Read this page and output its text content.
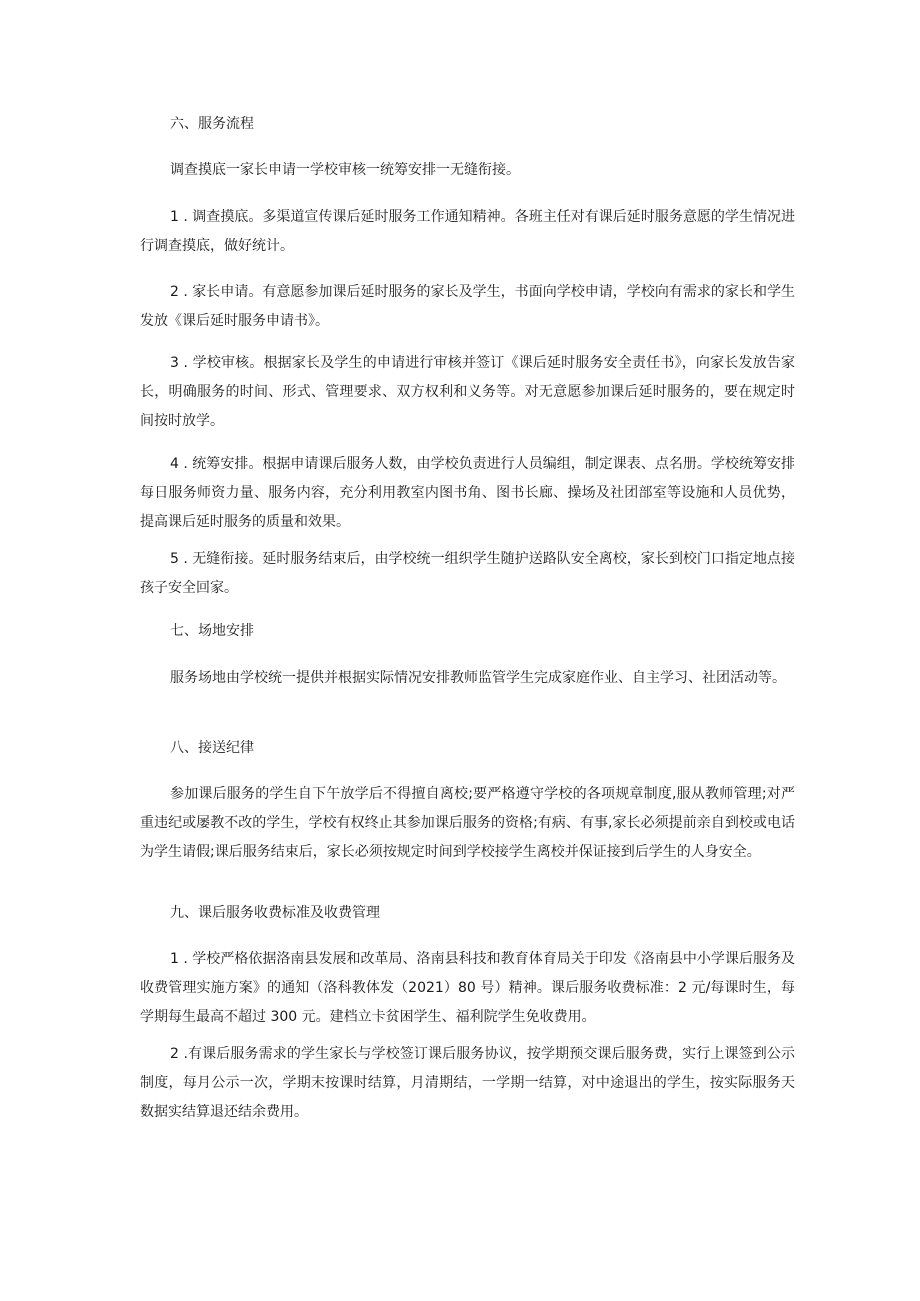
六、服务流程

调查摸底一家长申请一学校审核一统筹安排一无缝衔接。

1 . 调查摸底。多渠道宣传课后延时服务工作通知精神。各班主任对有课后延时服务意愿的学生情况进行调查摸底，做好统计。

2 . 家长申请。有意愿参加课后延时服务的家长及学生，书面向学校申请，学校向有需求的家长和学生发放《课后延时服务申请书》。

3 . 学校审核。根据家长及学生的申请进行审核并签订《课后延时服务安全责任书》，向家长发放告家长，明确服务的时间、形式、管理要求、双方权利和义务等。对无意愿参加课后延时服务的，要在规定时间按时放学。

4 . 统筹安排。根据申请课后服务人数，由学校负责进行人员编组，制定课表、点名册。学校统筹安排每日服务师资力量、服务内容，充分利用教室内图书角、图书长廊、操场及社团部室等设施和人员优势，提高课后延时服务的质量和效果。

5 . 无缝衔接。延时服务结束后，由学校统一组织学生随护送路队安全离校，家长到校门口指定地点接孩子安全回家。

七、场地安排

服务场地由学校统一提供并根据实际情况安排教师监管学生完成家庭作业、自主学习、社团活动等。

八、接送纪律

参加课后服务的学生自下午放学后不得擅自离校;要严格遵守学校的各项规章制度,服从教师管理;对严重违纪或屡教不改的学生，学校有权终止其参加课后服务的资格;有病、有事,家长必须提前亲自到校或电话为学生请假;课后服务结束后，家长必须按规定时间到学校接学生离校并保证接到后学生的人身安全。

九、课后服务收费标准及收费管理

1 . 学校严格依据洛南县发展和改革局、洛南县科技和教育体育局关于印发《洛南县中小学课后服务及收费管理实施方案》的通知（洛科教体发（2021）80 号）精神。课后服务收费标准：2 元/每课时生，每学期每生最高不超过 300 元。建档立卡贫困学生、福利院学生免收费用。

2 .有课后服务需求的学生家长与学校签订课后服务协议，按学期预交课后服务费，实行上课签到公示制度，每月公示一次，学期末按课时结算，月清期结，一学期一结算，对中途退出的学生，按实际服务天数据实结算退还结余费用。
